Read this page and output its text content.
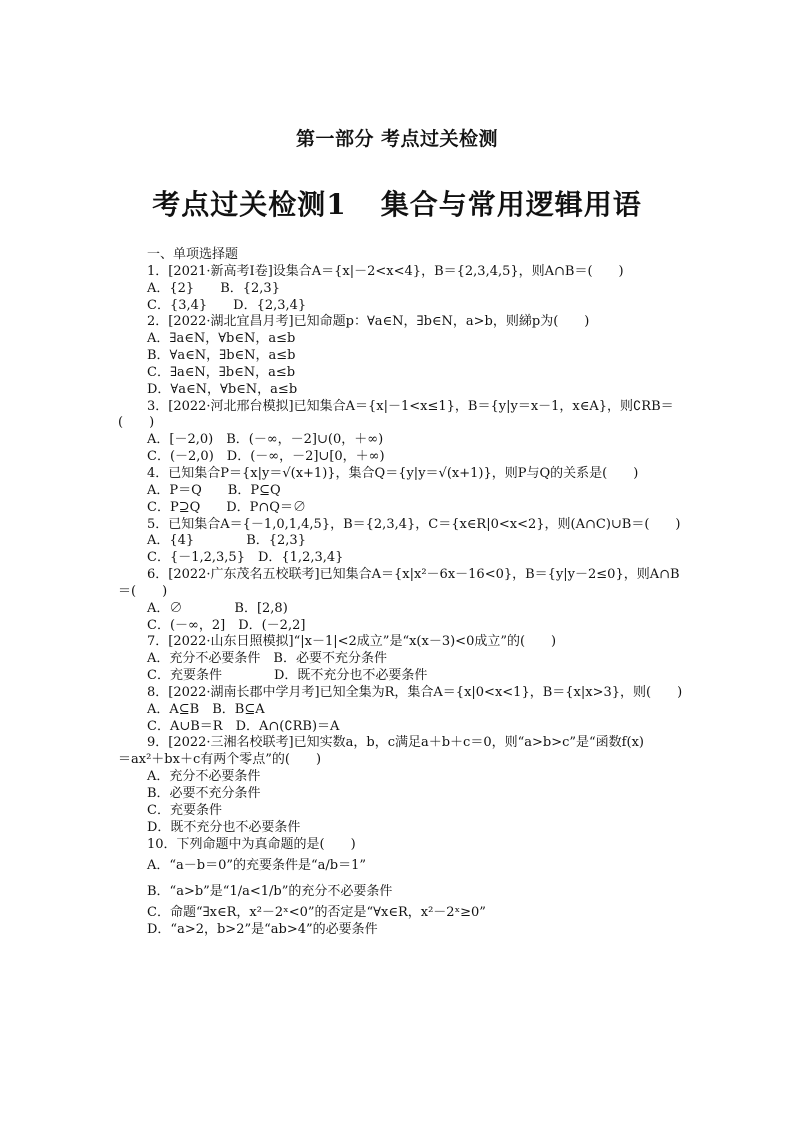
第一部分 考点过关检测
考点过关检测1 集合与常用逻辑用语
一、单项选择题
1．[2021·新高考Ⅰ卷]设集合A＝{x|－2<x<4}，B＝{2,3,4,5}，则A∩B＝(　　)
A．{2}　　B．{2,3}
C．{3,4}　　D．{2,3,4}
2．[2022·湖北宜昌月考]已知命题p：∀a∈N，∃b∈N，a>b，则綈p为(　　)
A．∃a∈N，∀b∈N，a≤b
B．∀a∈N，∃b∈N，a≤b
C．∃a∈N，∃b∈N，a≤b
D．∀a∈N，∀b∈N，a≤b
3．[2022·河北邢台模拟]已知集合A＝{x|－1<x≤1}，B＝{y|y＝x－1，x∈A}，则∁RB＝
(　　)
A．[－2,0)　B．(－∞，－2]∪(0，＋∞)
C．(－2,0)　D．(－∞，－2]∪[0，＋∞)
4．已知集合P＝{x|y＝√(x+1)}，集合Q＝{y|y＝√(x+1)}，则P与Q的关系是(　　)
A．P＝Q　　B．P⊆Q
C．P⊇Q　　D．P∩Q＝∅
5．已知集合A＝{－1,0,1,4,5}，B＝{2,3,4}，C＝{x∈R|0<x<2}，则(A∩C)∪B＝(　　)
A．{4}　　　　B．{2,3}
C．{－1,2,3,5}　D．{1,2,3,4}
6．[2022·广东茂名五校联考]已知集合A＝{x|x²－6x－16<0}，B＝{y|y－2≤0}，则A∩B
＝(　　)
A．∅　　　　B．[2,8)
C．(－∞，2]　D．(－2,2]
7．[2022·山东日照模拟]“|x－1|<2成立”是“x(x－3)<0成立”的(　　)
A．充分不必要条件　B．必要不充分条件
C．充要条件　　　　D．既不充分也不必要条件
8．[2022·湖南长郡中学月考]已知全集为R，集合A＝{x|0<x<1}，B＝{x|x>3}，则(　　)
A．A⊆B　B．B⊆A
C．A∪B＝R　D．A∩(∁RB)＝A
9．[2022·三湘名校联考]已知实数a，b，c满足a＋b＋c＝0，则“a>b>c”是“函数f(x)
＝ax²＋bx＋c有两个零点”的(　　)
A．充分不必要条件
B．必要不充分条件
C．充要条件
D．既不充分也不必要条件
10．下列命题中为真命题的是(　　)
A．“a－b＝0”的充要条件是“a/b＝1”
B．“a>b”是“1/a<1/b”的充分不必要条件
C．命题“∃x∈R，x²－2ˣ<0”的否定是“∀x∈R，x²－2ˣ≥0”
D．“a>2，b>2”是“ab>4”的必要条件
